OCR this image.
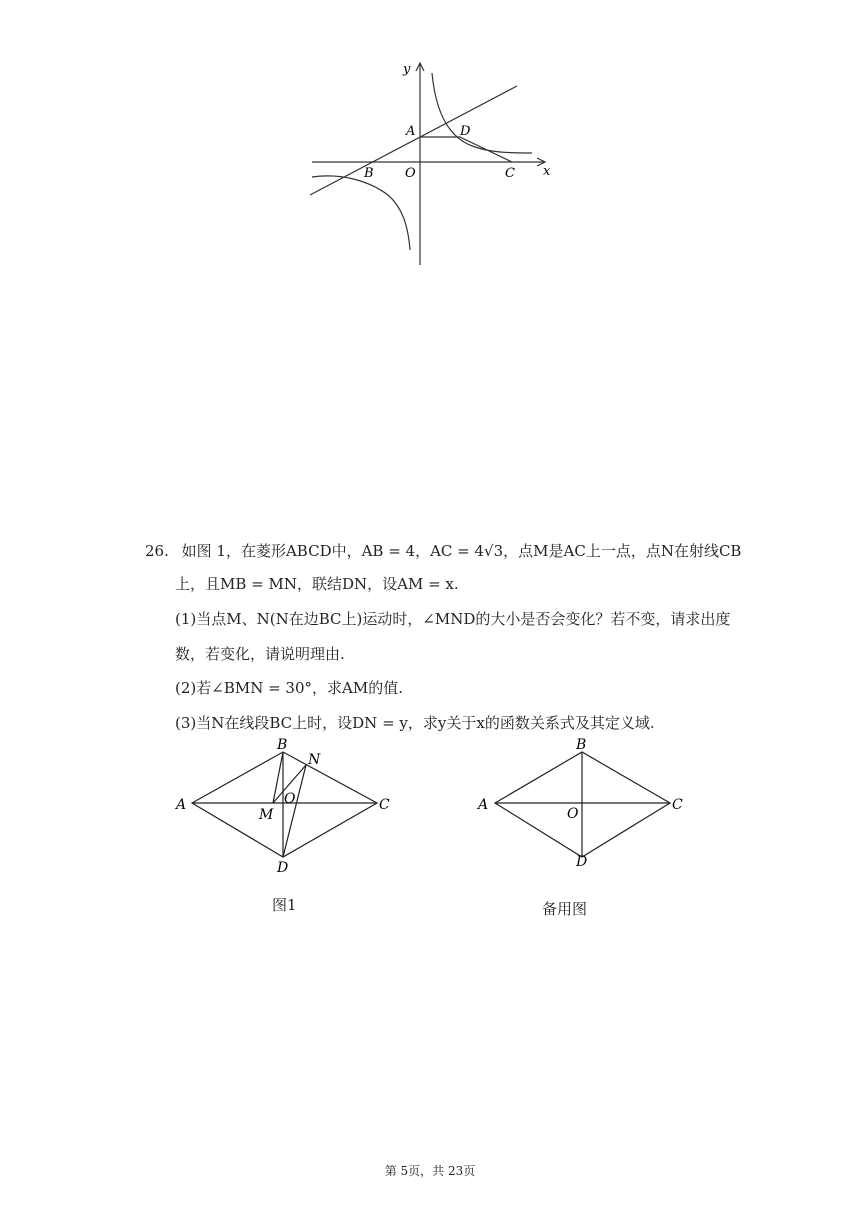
y
x
A	D
B O	C
26. 如图 1，在菱形ABCD中，AB = 4，AC = 4√3，点M是AC上一点，点N在射线CB
上，且MB = MN，联结DN，设AM = x.
(1)当点M、N(N在边BC上)运动时，∠MND的大小是否会变化？若不变，请求出度
数，若变化，请说明理由.
(2)若∠BMN = 30°，求AM的值.
(3)当N在线段BC上时，设DN = y，求y关于x的函数关系式及其定义域.
A
B
N
C
M
O
D
图1
A
B
C
O
D
备用图
第 5页，共 23页
